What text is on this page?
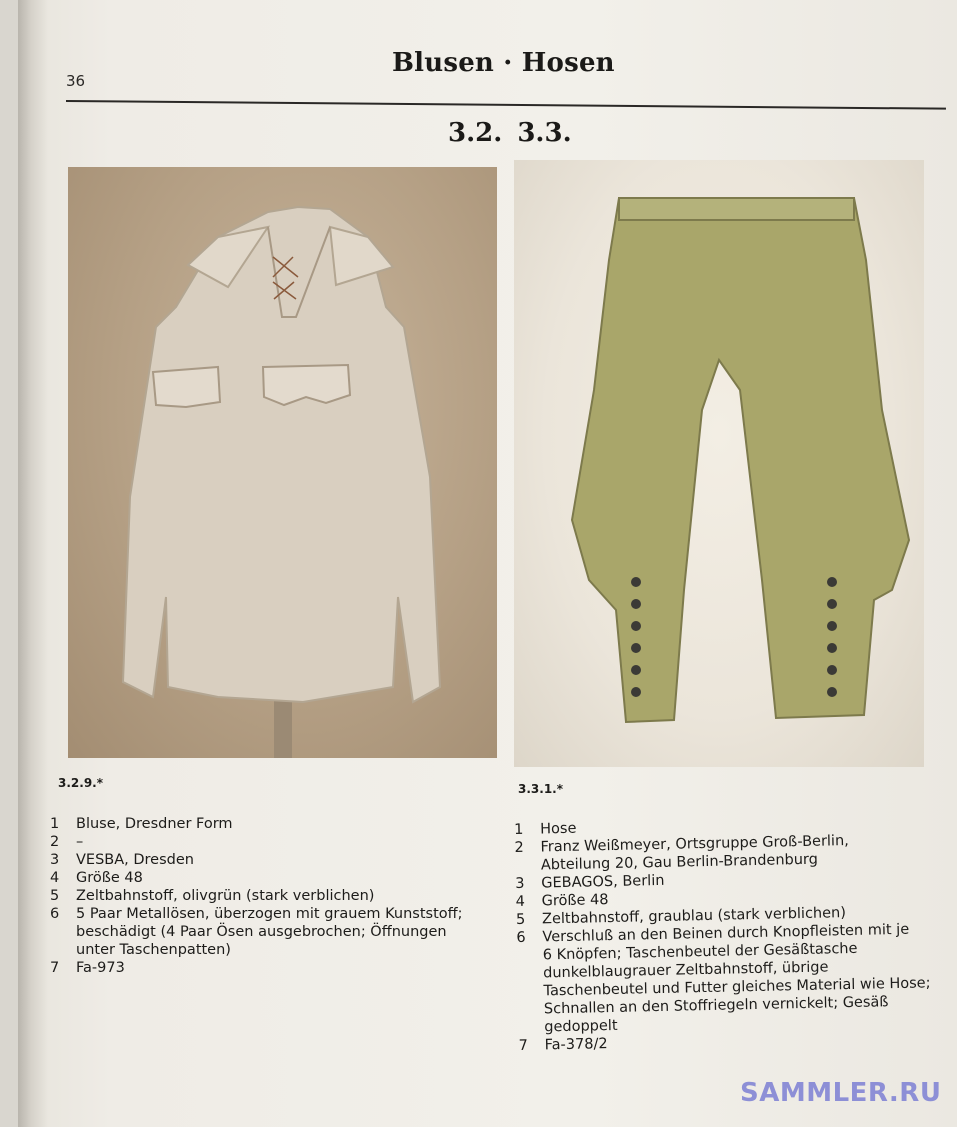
36
Blusen · Hosen
3.2. 3.3.
3.2.9.*	3.3.1.*
1	Bluse, Dresdner Form
2	–
3	VESBA, Dresden
4	Größe 48
5	Zeltbahnstoff, olivgrün (stark verblichen)
6	5 Paar Metallösen, überzogen mit grauem Kunststoff;
beschädigt (4 Paar Ösen ausgebrochen; Öffnungen
unter Taschenpatten)
7	Fa-973
1	Hose
2	Franz Weißmeyer, Ortsgruppe Groß-Berlin,
Abteilung 20, Gau Berlin-Brandenburg
3	GEBAGOS, Berlin
4	Größe 48
5	Zeltbahnstoff, graublau (stark verblichen)
6	Verschluß an den Beinen durch Knopfleisten mit je
6 Knöpfen; Taschenbeutel der Gesäßtasche
dunkelblaugrauer Zeltbahnstoff, übrige
Taschenbeutel und Futter gleiches Material wie Hose;
Schnallen an den Stoffriegeln vernickelt; Gesäß
gedoppelt
7	Fa-378/2
SAMMLER.RU
